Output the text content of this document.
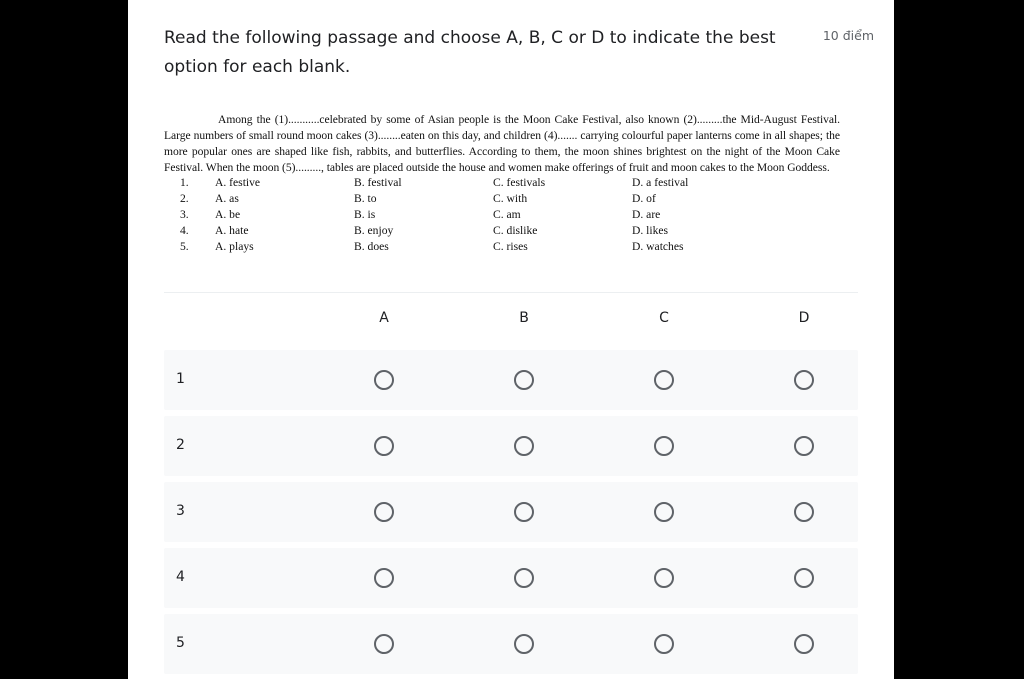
Read the following passage and choose A, B, C or D to indicate the best option for each blank.
10 điểm

Among the (1)...........celebrated by some of Asian people is the Moon Cake Festival, also known (2).........the Mid-August Festival. Large numbers of small round moon cakes (3)........eaten on this day, and children (4)....... carrying colourful paper lanterns come in all shapes; the more popular ones are shaped like fish, rabbits, and butterflies. According to them, the moon shines brightest on the night of the Moon Cake Festival. When the moon (5)........., tables are placed outside the house and women make offerings of fruit and moon cakes to the Moon Goddess.

1. A. festive	B. festival	C. festivals	D. a festival
2. A. as	B. to	C. with	D. of
3. A. be	B. is	C. am	D. are
4. A. hate	B. enjoy	C. dislike	D. likes
5. A. plays	B. does	C. rises	D. watches
A	B	C	D
1
2
3
4
5
